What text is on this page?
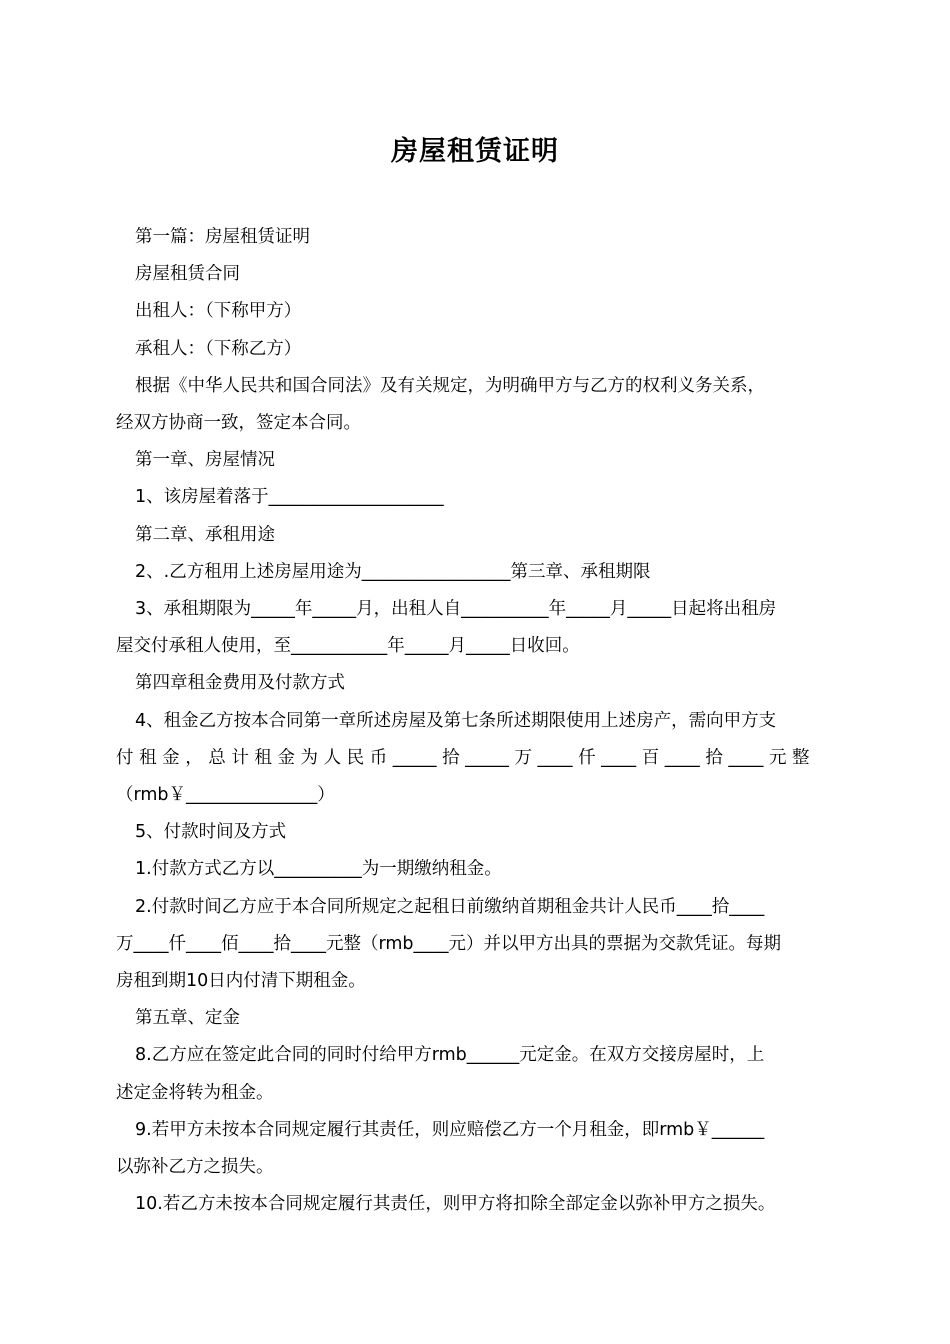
房屋租赁证明

第一篇：房屋租赁证明

房屋租赁合同

出租人：（下称甲方）

承租人：（下称乙方）

根据《中华人民共和国合同法》及有关规定，为明确甲方与乙方的权利义务关系，

经双方协商一致，签定本合同。

第一章、房屋情况

1、该房屋着落于____________________

第二章、承租用途

2、.乙方租用上述房屋用途为_________________第三章、承租期限

3、承租期限为_____年_____月，出租人自__________年_____月_____日起将出租房

屋交付承租人使用，至___________年_____月_____日收回。

第四章租金费用及付款方式

4、租金乙方按本合同第一章所述房屋及第七条所述期限使用上述房产，需向甲方支

付 租 金 ， 总 计 租 金 为 人 民 币 _____ 拾 _____ 万 ____ 仟 ____ 百 ____ 拾 ____ 元 整

（rmb￥_______________）

5、付款时间及方式

1.付款方式乙方以__________为一期缴纳租金。

2.付款时间乙方应于本合同所规定之起租日前缴纳首期租金共计人民币____拾____

万____仟____佰____拾____元整（rmb____元）并以甲方出具的票据为交款凭证。每期

房租到期10日内付清下期租金。

第五章、定金

8.乙方应在签定此合同的同时付给甲方rmb______元定金。在双方交接房屋时，上

述定金将转为租金。

9.若甲方未按本合同规定履行其责任，则应赔偿乙方一个月租金，即rmb￥______

以弥补乙方之损失。

10.若乙方未按本合同规定履行其责任，则甲方将扣除全部定金以弥补甲方之损失。
